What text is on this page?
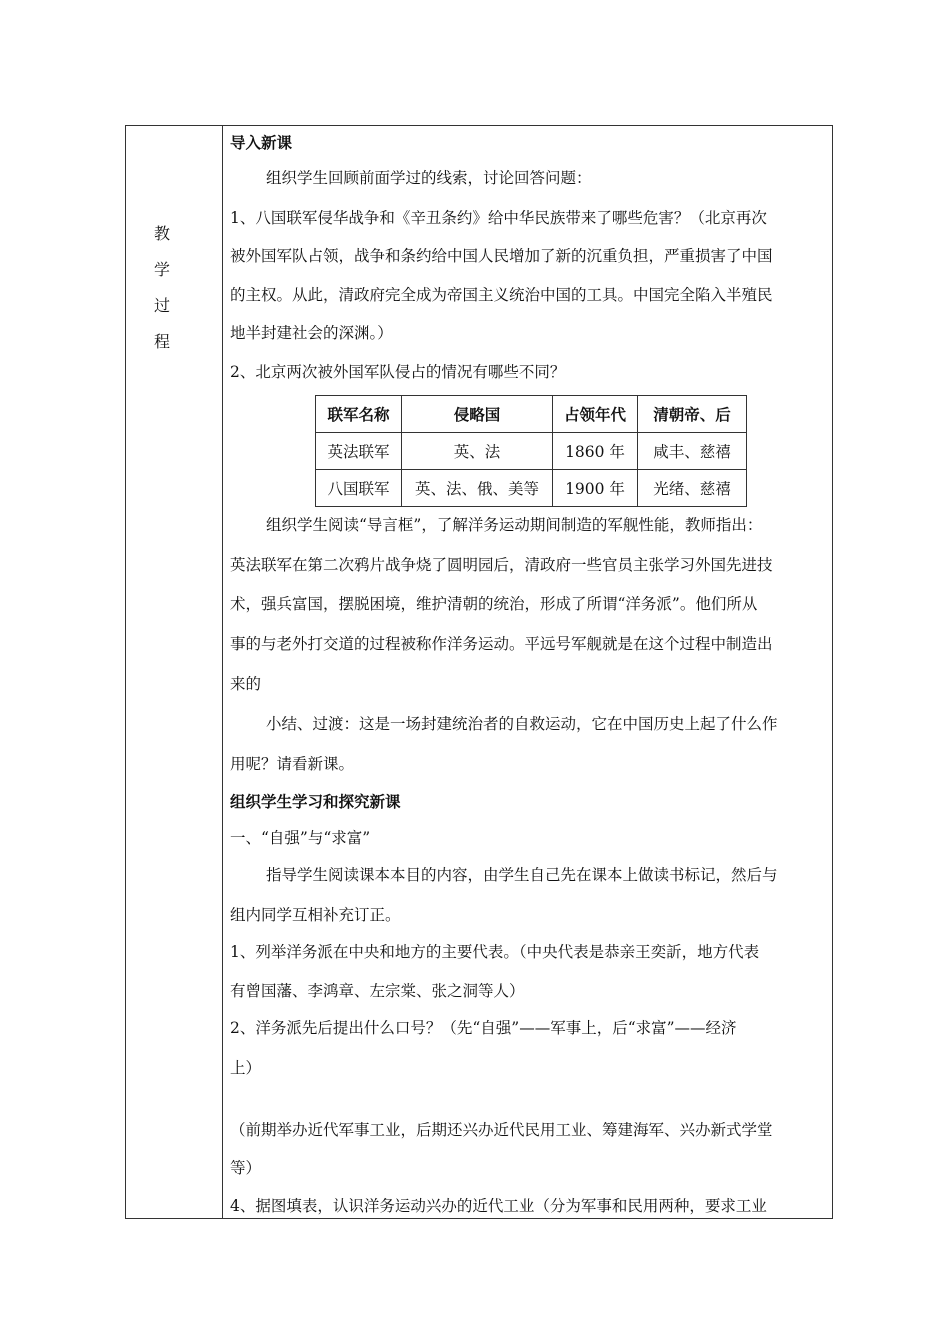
教
学
过
程
导入新课
组织学生回顾前面学过的线索，讨论回答问题：
1、八国联军侵华战争和《辛丑条约》给中华民族带来了哪些危害？（北京再次
被外国军队占领，战争和条约给中国人民增加了新的沉重负担，严重损害了中国
的主权。从此，清政府完全成为帝国主义统治中国的工具。中国完全陷入半殖民
地半封建社会的深渊。）
2、北京两次被外国军队侵占的情况有哪些不同？
联军名称	侵略国	占领年代	清朝帝、后
英法联军	英、法	1860 年	咸丰、慈禧
八国联军	英、法、俄、美等	1900 年	光绪、慈禧
组织学生阅读“导言框”，了解洋务运动期间制造的军舰性能，教师指出：
英法联军在第二次鸦片战争烧了圆明园后，清政府一些官员主张学习外国先进技
术，强兵富国，摆脱困境，维护清朝的统治，形成了所谓“洋务派”。他们所从
事的与老外打交道的过程被称作洋务运动。平远号军舰就是在这个过程中制造出
来的
小结、过渡：这是一场封建统治者的自救运动，它在中国历史上起了什么作
用呢？请看新课。
组织学生学习和探究新课
一、“自强”与“求富”
指导学生阅读课本本目的内容，由学生自己先在课本上做读书标记，然后与
组内同学互相补充订正。
1、列举洋务派在中央和地方的主要代表。（中央代表是恭亲王奕訢，地方代表
有曾国藩、李鸿章、左宗棠、张之洞等人）
2、洋务派先后提出什么口号？（先“自强”——军事上，后“求富”——经济
上）
（前期举办近代军事工业，后期还兴办近代民用工业、筹建海军、兴办新式学堂
等）
4、据图填表，认识洋务运动兴办的近代工业（分为军事和民用两种，要求工业
